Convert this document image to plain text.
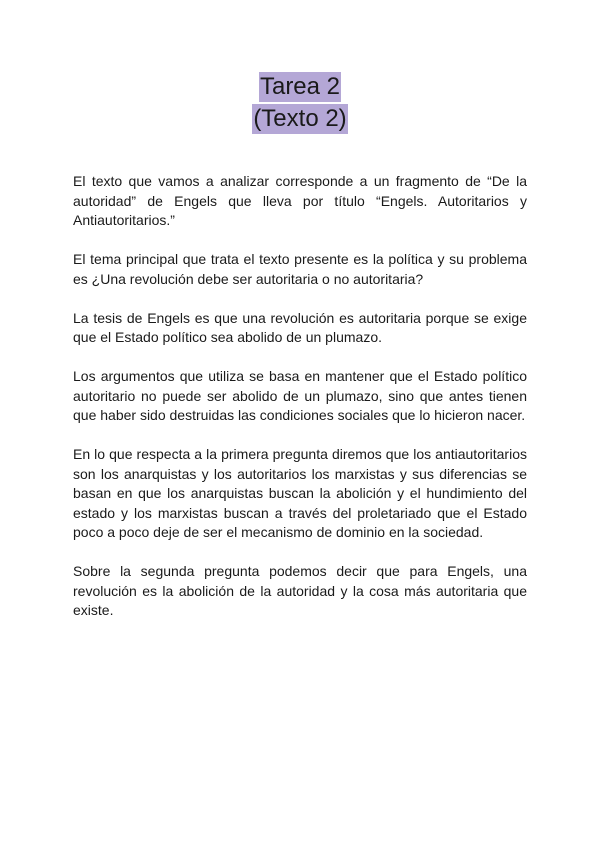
Tarea 2
(Texto 2)

El texto que vamos a analizar corresponde a un fragmento de “De la autoridad” de Engels que lleva por título “Engels. Autoritarios y Antiautoritarios.”

El tema principal que trata el texto presente es la política y su problema es ¿Una revolución debe ser autoritaria o no autoritaria?

La tesis de Engels es que una revolución es autoritaria porque se exige que el Estado político sea abolido de un plumazo.

Los argumentos que utiliza se basa en mantener que el Estado político autoritario no puede ser abolido de un plumazo, sino que antes tienen que haber sido destruidas las condiciones sociales que lo hicieron nacer.

En lo que respecta a la primera pregunta diremos que los antiautoritarios son los anarquistas y los autoritarios los marxistas y sus diferencias se basan en que los anarquistas buscan la abolición y el hundimiento del estado y los marxistas buscan a través del proletariado que el Estado poco a poco deje de ser el mecanismo de dominio en la sociedad.

Sobre la segunda pregunta podemos decir que para Engels, una revolución es la abolición de la autoridad y la cosa más autoritaria que existe.
